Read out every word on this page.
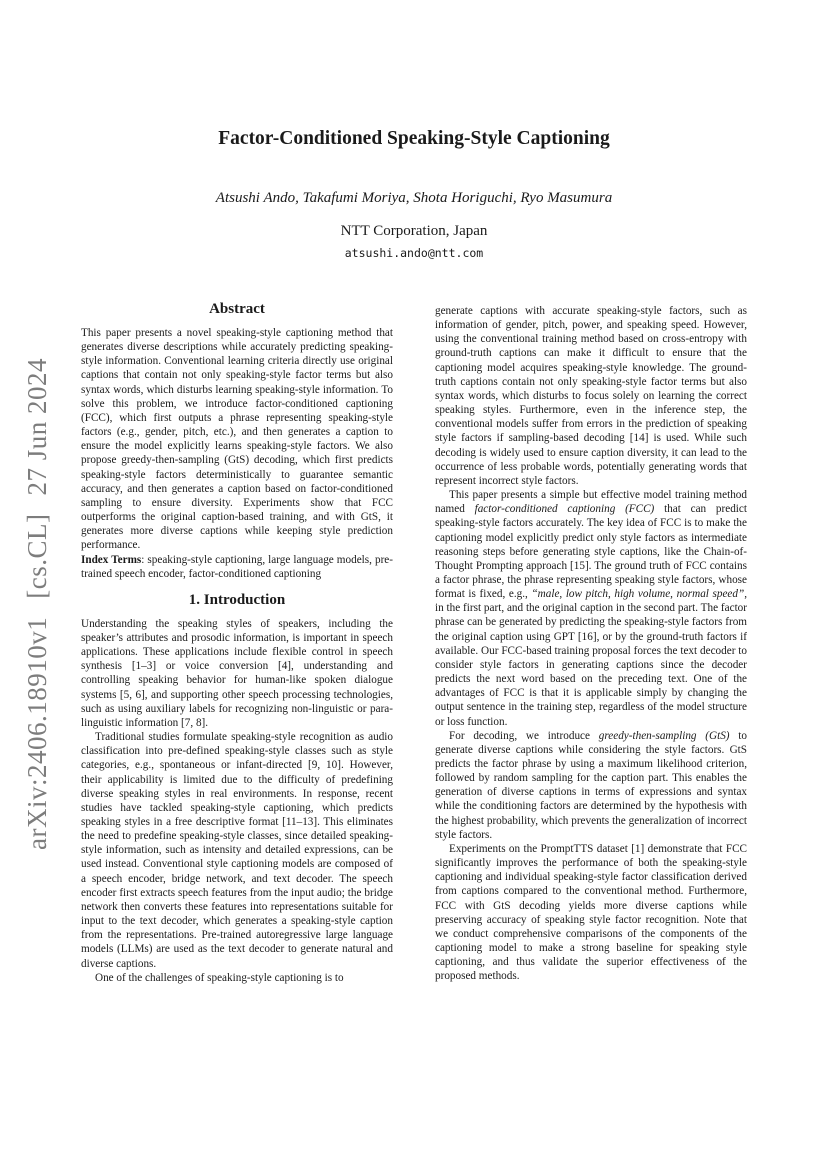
arXiv:2406.18910v1[cs.CL]27 Jun 2024
Factor-Conditioned Speaking-Style Captioning
Atsushi Ando, Takafumi Moriya, Shota Horiguchi, Ryo Masumura
NTT Corporation, Japan
atsushi.ando@ntt.com
Abstract

This paper presents a novel speaking-style captioning method that generates diverse descriptions while accurately predicting speaking-style information. Conventional learning criteria directly use original captions that contain not only speaking-style factor terms but also syntax words, which disturbs learning speaking-style information. To solve this problem, we introduce factor-conditioned captioning (FCC), which first outputs a phrase representing speaking-style factors (e.g., gender, pitch, etc.), and then generates a caption to ensure the model explicitly learns speaking-style factors. We also propose greedy-then-sampling (GtS) decoding, which first predicts speaking-style factors deterministically to guarantee semantic accuracy, and then generates a caption based on factor-conditioned sampling to ensure diversity. Experiments show that FCC outperforms the original caption-based training, and with GtS, it generates more diverse captions while keeping style prediction performance.

Index Terms: speaking-style captioning, large language models, pre-trained speech encoder, factor-conditioned captioning

1. Introduction

Understanding the speaking styles of speakers, including the speaker’s attributes and prosodic information, is important in speech applications. These applications include flexible control in speech synthesis [1–3] or voice conversion [4], understanding and controlling speaking behavior for human-like spoken dialogue systems [5, 6], and supporting other speech processing technologies, such as using auxiliary labels for recognizing non-linguistic or para-linguistic information [7, 8].

Traditional studies formulate speaking-style recognition as audio classification into pre-defined speaking-style classes such as style categories, e.g., spontaneous or infant-directed [9, 10]. However, their applicability is limited due to the difficulty of predefining diverse speaking styles in real environments. In response, recent studies have tackled speaking-style captioning, which predicts speaking styles in a free descriptive format [11–13]. This eliminates the need to predefine speaking-style classes, since detailed speaking-style information, such as intensity and detailed expressions, can be used instead. Conventional style captioning models are composed of a speech encoder, bridge network, and text decoder. The speech encoder first extracts speech features from the input audio; the bridge network then converts these features into representations suitable for input to the text decoder, which generates a speaking-style caption from the representations. Pre-trained autoregressive large language models (LLMs) are used as the text decoder to generate natural and diverse captions.

One of the challenges of speaking-style captioning is to

generate captions with accurate speaking-style factors, such as information of gender, pitch, power, and speaking speed. However, using the conventional training method based on cross-entropy with ground-truth captions can make it difficult to ensure that the captioning model acquires speaking-style knowledge. The ground-truth captions contain not only speaking-style factor terms but also syntax words, which disturbs to focus solely on learning the correct speaking styles. Furthermore, even in the inference step, the conventional models suffer from errors in the prediction of speaking style factors if sampling-based decoding [14] is used. While such decoding is widely used to ensure caption diversity, it can lead to the occurrence of less probable words, potentially generating words that represent incorrect style factors.

This paper presents a simple but effective model training method named factor-conditioned captioning (FCC) that can predict speaking-style factors accurately. The key idea of FCC is to make the captioning model explicitly predict only style factors as intermediate reasoning steps before generating style captions, like the Chain-of-Thought Prompting approach [15]. The ground truth of FCC contains a factor phrase, the phrase representing speaking style factors, whose format is fixed, e.g., “male, low pitch, high volume, normal speed”, in the first part, and the original caption in the second part. The factor phrase can be generated by predicting the speaking-style factors from the original caption using GPT [16], or by the ground-truth factors if available. Our FCC-based training proposal forces the text decoder to consider style factors in generating captions since the decoder predicts the next word based on the preceding text. One of the advantages of FCC is that it is applicable simply by changing the output sentence in the training step, regardless of the model structure or loss function.

For decoding, we introduce greedy-then-sampling (GtS) to generate diverse captions while considering the style factors. GtS predicts the factor phrase by using a maximum likelihood criterion, followed by random sampling for the caption part. This enables the generation of diverse captions in terms of expressions and syntax while the conditioning factors are determined by the hypothesis with the highest probability, which prevents the generalization of incorrect style factors.

Experiments on the PromptTTS dataset [1] demonstrate that FCC significantly improves the performance of both the speaking-style captioning and individual speaking-style factor classification derived from captions compared to the conventional method. Furthermore, FCC with GtS decoding yields more diverse captions while preserving accuracy of speaking style factor recognition. Note that we conduct comprehensive comparisons of the components of the captioning model to make a strong baseline for speaking style captioning, and thus validate the superior effectiveness of the proposed methods.
